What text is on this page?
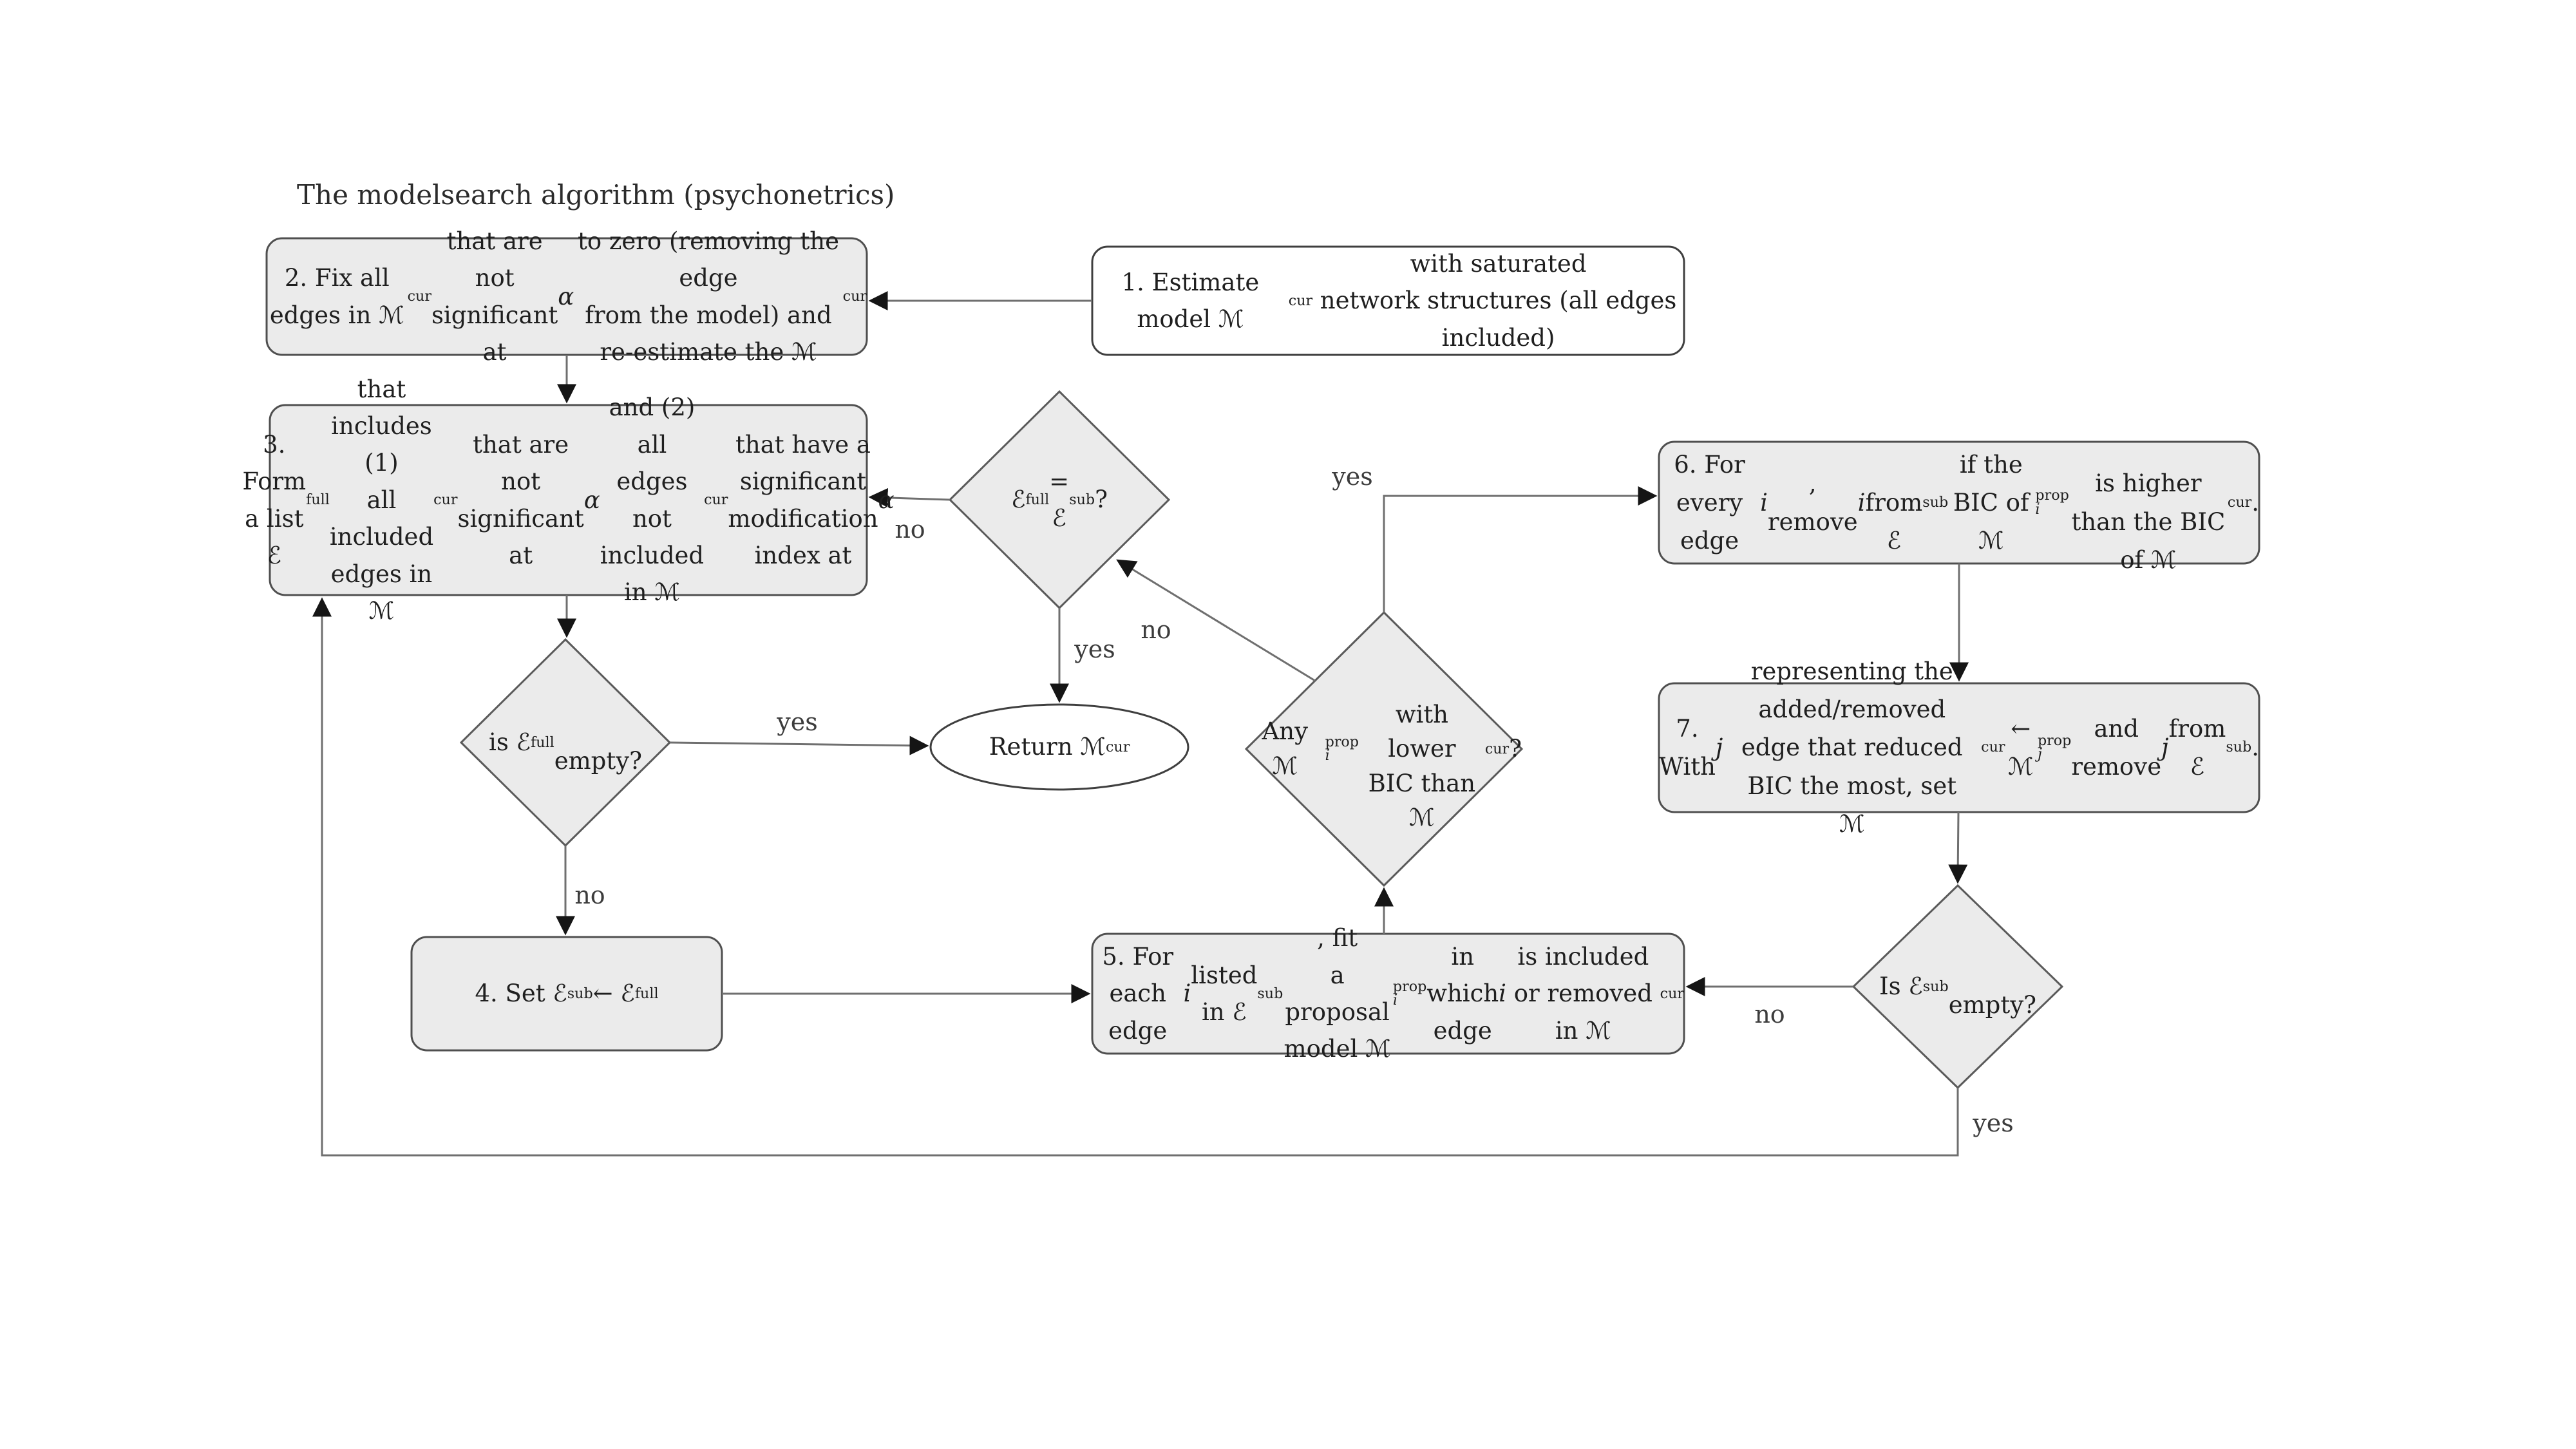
The modelsearch algorithm (psychonetrics)
2. Fix all edges in ℳ
cur
that are not
significant at
α
to zero (removing the edge
from the model) and re-estimate the ℳ
cur
1. Estimate model ℳ
cur
with saturated
network structures (all edges included)
3. Form a list ℰ
full
that includes (1)
all included edges in ℳ
cur
that are
not significant at
α
and (2) all edges
not included in ℳ
cur
that have a
significant modification index at
α
6. For every edge
i
, remove
i from ℰ
sub
if the BIC of ℳ
prop
i

is higher than the BIC of ℳ
cur .
7. With
j
representing the added/removed
edge that reduced BIC the most, set
ℳ
cur
← ℳ
prop
j
and remove
j
from ℰ
sub .
4. Set ℰ sub ← ℰ full
5. For each edge
i
listed in ℰ
sub
, fit
a proposal model ℳ
prop
i
in which
edge
i
is included or removed in ℳ
cur
ℰ full
=
ℰ
sub ?
is ℰ full

empty?
Any ℳ
prop
i

with lower
BIC than
ℳ
cur ?
Is ℰ sub

empty?
Return ℳ cur
yes
no
yes
no
no
yes
no
yes
